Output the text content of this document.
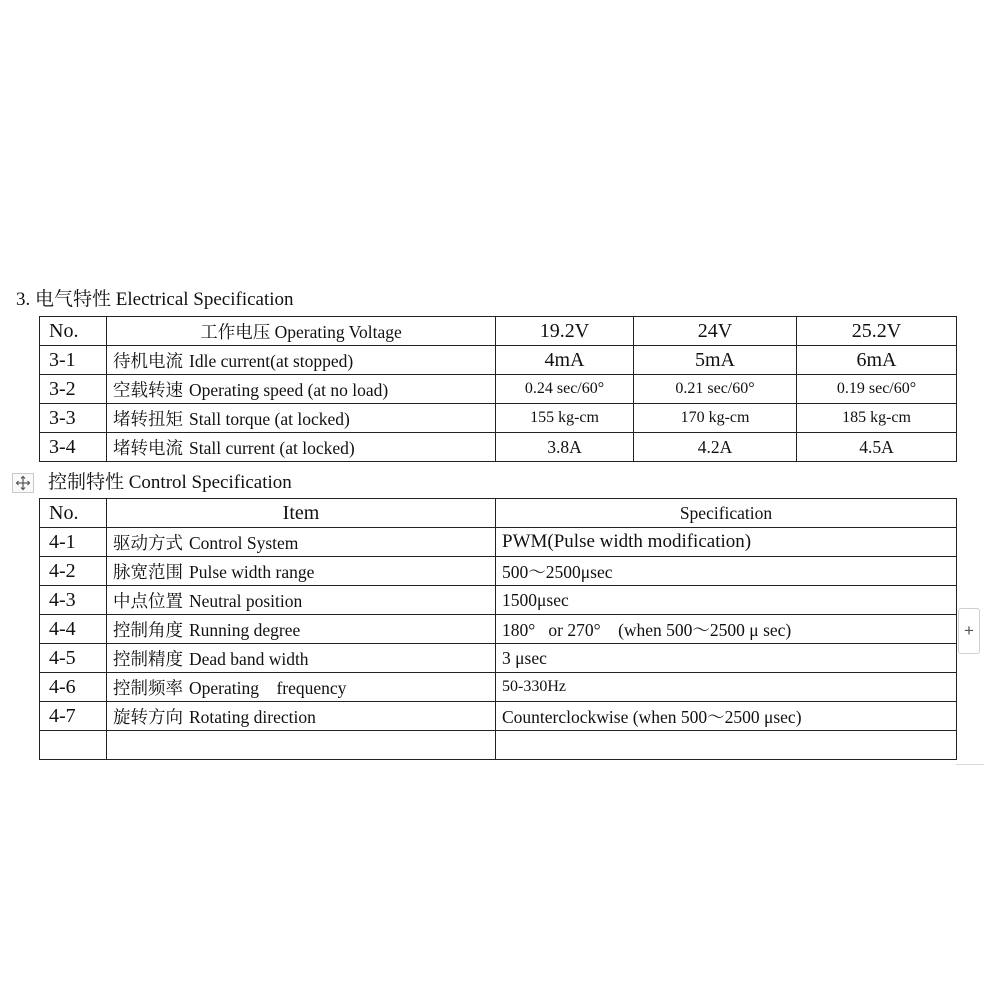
3. 电气特性 Electrical Specification
No.	工作电压 Operating Voltage	19.2V	24V	25.2V
3-1	待机电流 Idle current(at stopped)	4mA	5mA	6mA
3-2	空载转速 Operating speed (at no load)	0.24 sec/60°	0.21 sec/60°	0.19 sec/60°
3-3	堵转扭矩 Stall torque (at locked)	155 kg-cm	170 kg-cm	185 kg-cm
3-4	堵转电流 Stall current (at locked)	3.8A	4.2A	4.5A
控制特性 Control Specification
No.	Item	Specification
4-1	驱动方式 Control System	PWM(Pulse width modification)
4-2	脉宽范围 Pulse width range	500～2500μsec
4-3	中点位置 Neutral position	1500μsec
4-4	控制角度 Running degree	180°   or 270°    (when 500～2500 μ sec)
4-5	控制精度 Dead band width	3 μsec
4-6	控制频率 Operating    frequency	50-330Hz
4-7	旋转方向 Rotating direction	Counterclockwise (when 500～2500 μsec)

+
